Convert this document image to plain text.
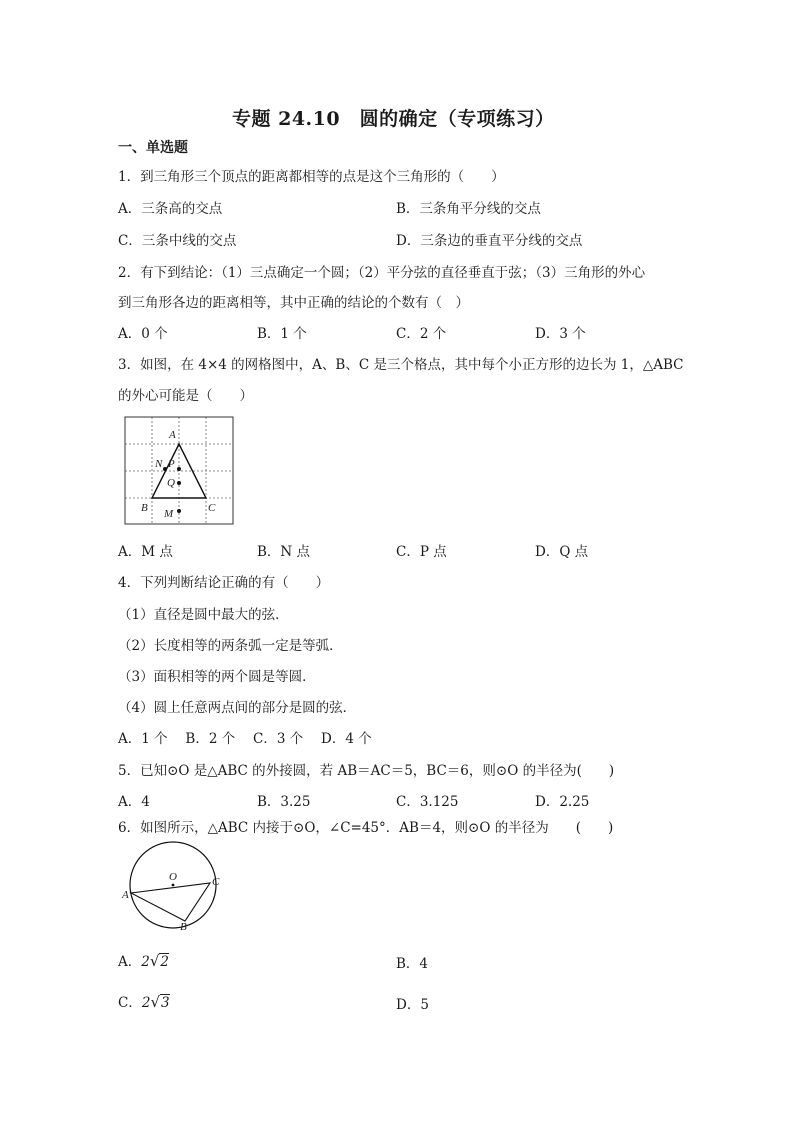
专题 24.10　圆的确定（专项练习）
一、单选题
1．到三角形三个顶点的距离都相等的点是这个三角形的（　　）
A．三条高的交点	B．三条角平分线的交点
C．三条中线的交点	D．三条边的垂直平分线的交点
2．有下到结论：（1）三点确定一个圆；（2）平分弦的直径垂直于弦；（3）三角形的外心
到三角形各边的距离相等，其中正确的结论的个数有（　）
A．0 个	B．1 个	C．2 个	D．3 个
3．如图，在 4×4 的网格图中，A、B、C 是三个格点，其中每个小正方形的边长为 1，△ABC
的外心可能是（　　）
A
N P
Q
B	C
M
A．M 点	B．N 点	C．P 点	D．Q 点
4．下列判断结论正确的有（　　）
（1）直径是圆中最大的弦．
（2）长度相等的两条弧一定是等弧．
（3）面积相等的两个圆是等圆．
（4）圆上任意两点间的部分是圆的弦．
A．1 个　 B．2 个　 C．3 个　 D．4 个
5．已知⊙O 是△ABC 的外接圆，若 AB＝AC＝5，BC＝6，则⊙O 的半径为(　　)
A．4	B．3.25	C．3.125	D．2.25
6．如图所示，△ABC 内接于⊙O，∠C=45°．AB＝4，则⊙O 的半径为　　(　　)
O
A
C
B
A．2√2	B．4
C．2√3	D．5
